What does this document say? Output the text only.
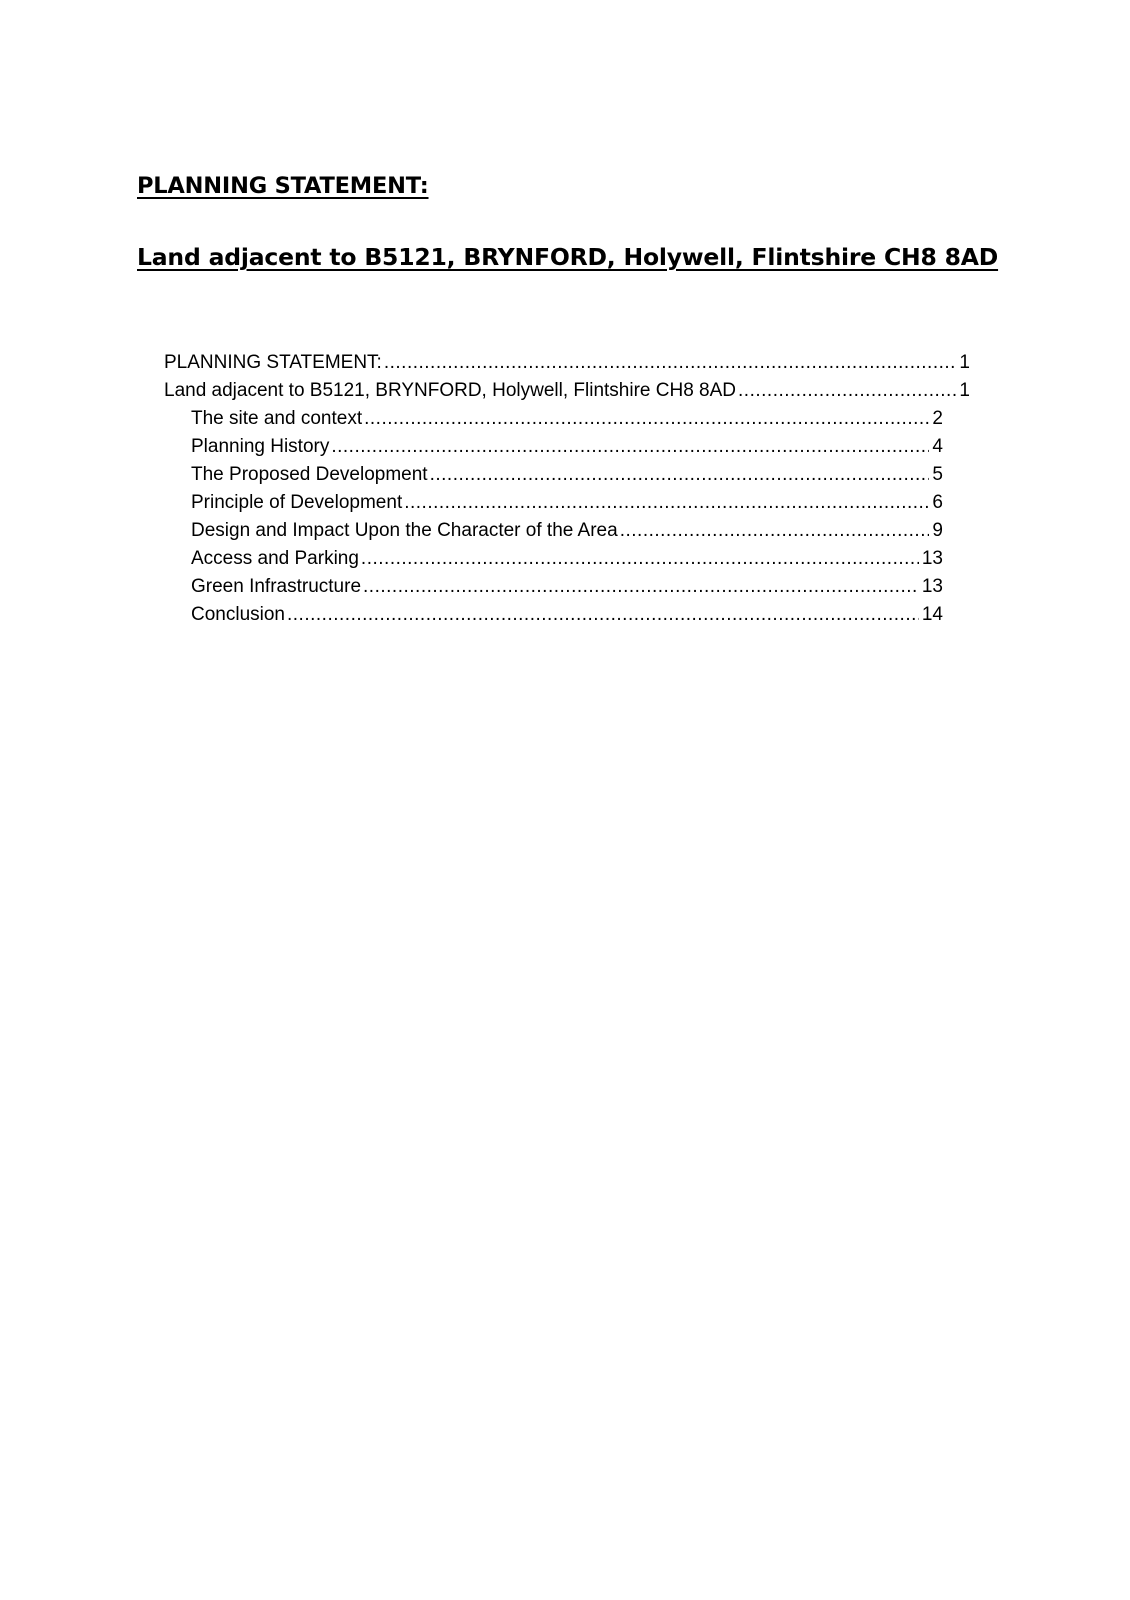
PLANNING STATEMENT:
Land adjacent to B5121, BRYNFORD, Holywell, Flintshire CH8 8AD
PLANNING STATEMENT: .....	1
Land adjacent to B5121, BRYNFORD, Holywell, Flintshire CH8 8AD .....	1
The site and context .....	2
Planning History .....	4
The Proposed Development .....	5
Principle of Development .....	6
Design and Impact Upon the Character of the Area .....	9
Access and Parking .....	13
Green Infrastructure .....	13
Conclusion .....	14
